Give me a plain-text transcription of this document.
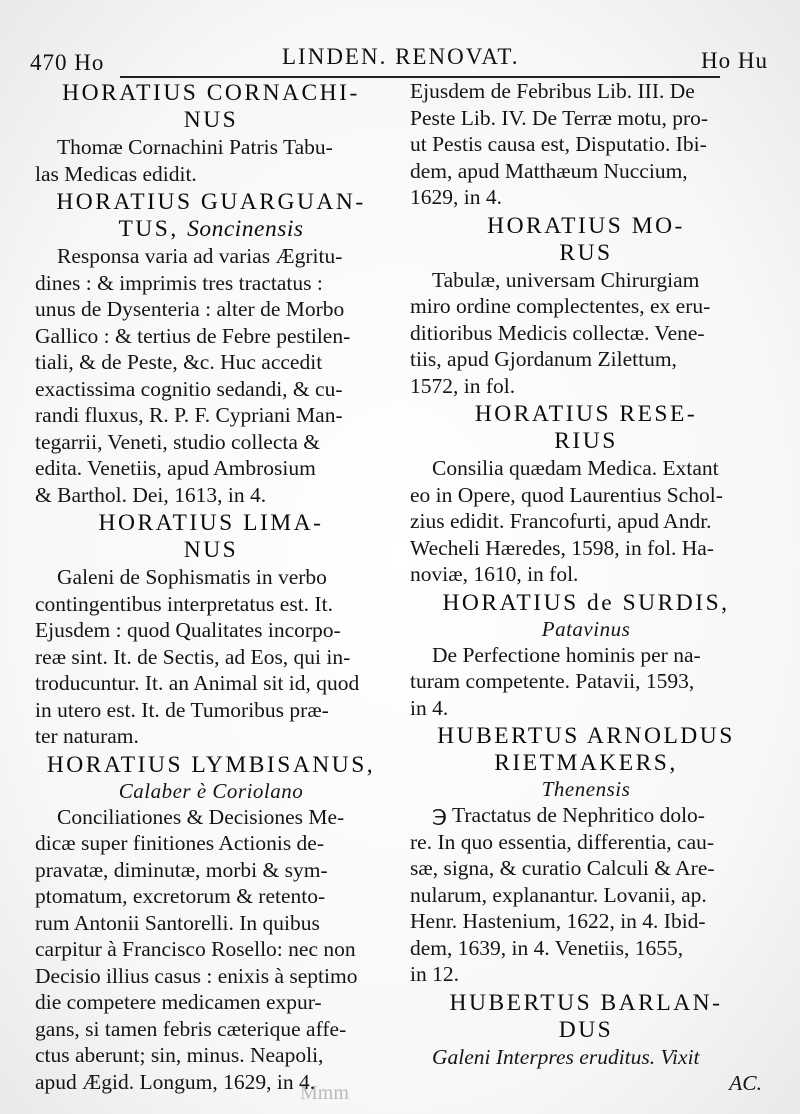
470 Ho	LINDEN. RENOVAT.	Ho Hu
HORATIUS CORNACHI-
NUS
Thomæ Cornachini Patris Tabu-
las Medicas edidit.
HORATIUS GUARGUAN-
TUS, Soncinensis
Responsa varia ad varias Ægritu-
dines : & imprimis tres tractatus :
unus de Dysenteria : alter de Morbo
Gallico : & tertius de Febre pestilen-
tiali, & de Peste, &c. Huc accedit
exactissima cognitio sedandi, & cu-
randi fluxus, R. P. F. Cypriani Man-
tegarrii, Veneti, studio collecta &
edita. Venetiis, apud Ambrosium
& Barthol. Dei, 1613, in 4.
HORATIUS LIMA-
NUS
Galeni de Sophismatis in verbo
contingentibus interpretatus est. It.
Ejusdem : quod Qualitates incorpo-
reæ sint. It. de Sectis, ad Eos, qui in-
troducuntur. It. an Animal sit id, quod
in utero est. It. de Tumoribus præ-
ter naturam.
HORATIUS LYMBISANUS,
Calaber è Coriolano
Conciliationes & Decisiones Me-
dicæ super finitiones Actionis de-
pravatæ, diminutæ, morbi & sym-
ptomatum, excretorum & retento-
rum Antonii Santorelli. In quibus
carpitur à Francisco Rosello: nec non
Decisio illius casus : enixis à septimo
die competere medicamen expur-
gans, si tamen febris cæterique affe-
ctus aberunt; sin, minus. Neapoli,
apud Ægid. Longum, 1629, in 4.
Ejusdem de Febribus Lib. III. De
Peste Lib. IV. De Terræ motu, pro-
ut Pestis causa est, Disputatio. Ibi-
dem, apud Matthæum Nuccium,
1629, in 4.
HORATIUS MO-
RUS
Tabulæ, universam Chirurgiam
miro ordine complectentes, ex eru-
ditioribus Medicis collectæ. Vene-
tiis, apud Gjordanum Zilettum,
1572, in fol.
HORATIUS RESE-
RIUS
Consilia quædam Medica. Extant
eo in Opere, quod Laurentius Schol-
zius edidit. Francofurti, apud Andr.
Wecheli Hæredes, 1598, in fol. Ha-
noviæ, 1610, in fol.
HORATIUS de SURDIS,
Patavinus
De Perfectione hominis per na-
turam competente. Patavii, 1593,
in 4.
HUBERTUS ARNOLDUS
RIETMAKERS,
Thenensis
℈ Tractatus de Nephritico dolo-
re. In quo essentia, differentia, cau-
sæ, signa, & curatio Calculi & Are-
nularum, explanantur. Lovanii, ap.
Henr. Hastenium, 1622, in 4. Ibid-
dem, 1639, in 4. Venetiis, 1655,
in 12.
HUBERTUS BARLAN-
DUS
Galeni Interpres eruditus. Vixit
AC.
Mmm
